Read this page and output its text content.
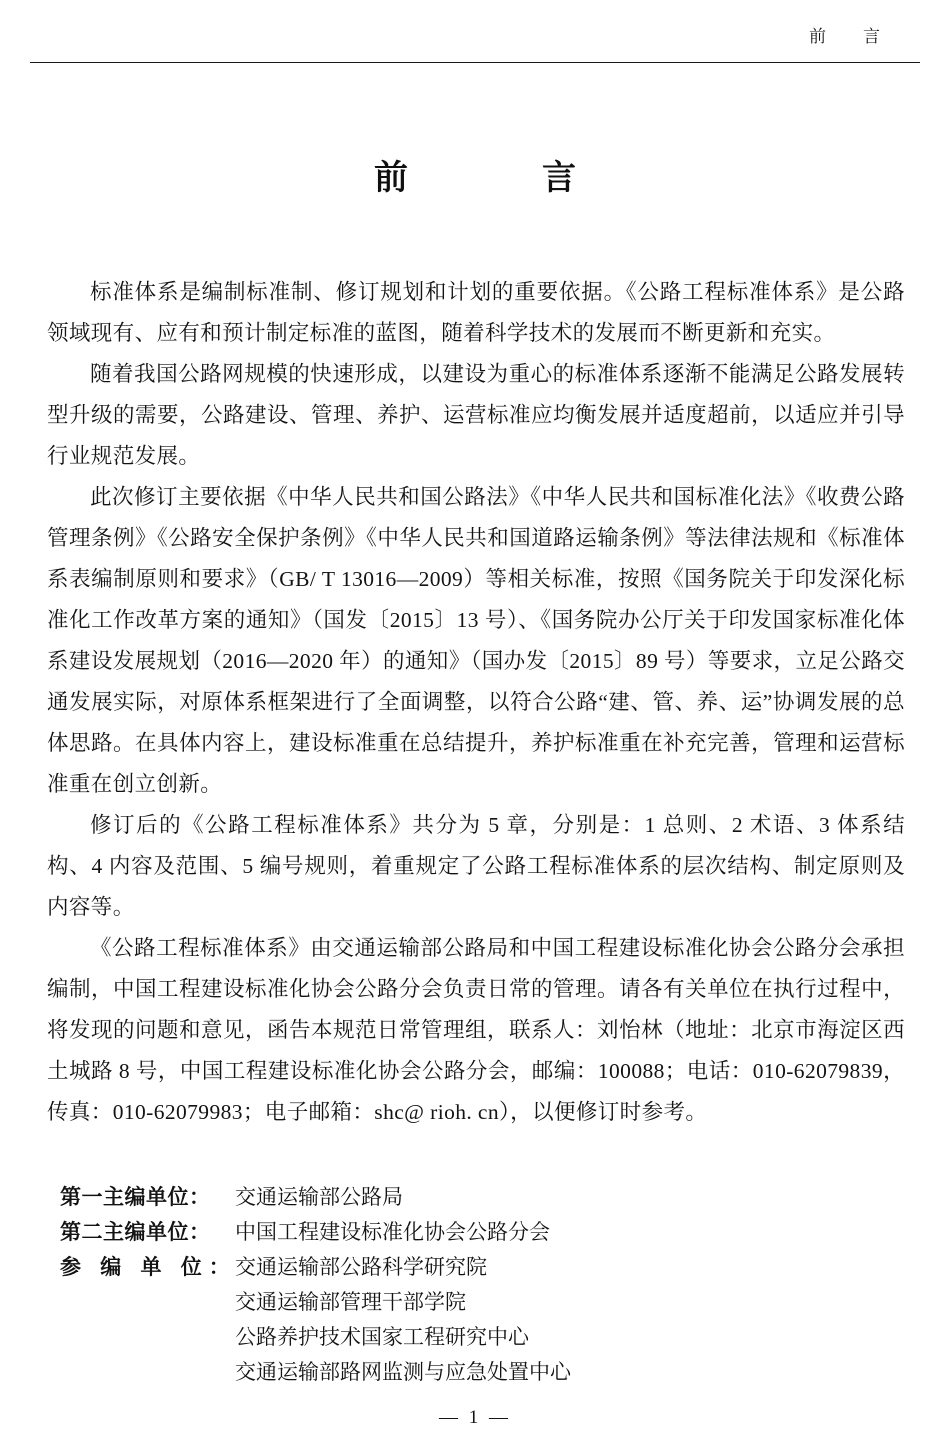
前　言
前　　言

标准体系是编制标准制、修订规划和计划的重要依据。《公路工程标准体系》是公路领域现有、应有和预计制定标准的蓝图，随着科学技术的发展而不断更新和充实。

随着我国公路网规模的快速形成，以建设为重心的标准体系逐渐不能满足公路发展转型升级的需要，公路建设、管理、养护、运营标准应均衡发展并适度超前，以适应并引导行业规范发展。

此次修订主要依据《中华人民共和国公路法》《中华人民共和国标准化法》《收费公路管理条例》《公路安全保护条例》《中华人民共和国道路运输条例》等法律法规和《标准体系表编制原则和要求》（GB/ T 13016—2009）等相关标准，按照《国务院关于印发深化标准化工作改革方案的通知》（国发〔2015〕13 号）、《国务院办公厅关于印发国家标准化体系建设发展规划（2016—2020 年）的通知》（国办发〔2015〕89 号）等要求，立足公路交通发展实际，对原体系框架进行了全面调整，以符合公路“建、管、养、运”协调发展的总体思路。在具体内容上，建设标准重在总结提升，养护标准重在补充完善，管理和运营标准重在创立创新。

修订后的《公路工程标准体系》共分为 5 章，分别是：1 总则、2 术语、3 体系结构、4 内容及范围、5 编号规则，着重规定了公路工程标准体系的层次结构、制定原则及内容等。

《公路工程标准体系》由交通运输部公路局和中国工程建设标准化协会公路分会承担编制，中国工程建设标准化协会公路分会负责日常的管理。请各有关单位在执行过程中，将发现的问题和意见，函告本规范日常管理组，联系人：刘怡林（地址：北京市海淀区西土城路 8 号，中国工程建设标准化协会公路分会，邮编：100088；电话：010-62079839，传真：010-62079983；电子邮箱：shc@ rioh. cn），以便修订时参考。

第一主编单位：	交通运输部公路局
第二主编单位：	中国工程建设标准化协会公路分会
参 编 单 位：
交通运输部公路科学研究院
交通运输部管理干部学院
公路养护技术国家工程研究中心
交通运输部路网监测与应急处置中心
— 1 —
